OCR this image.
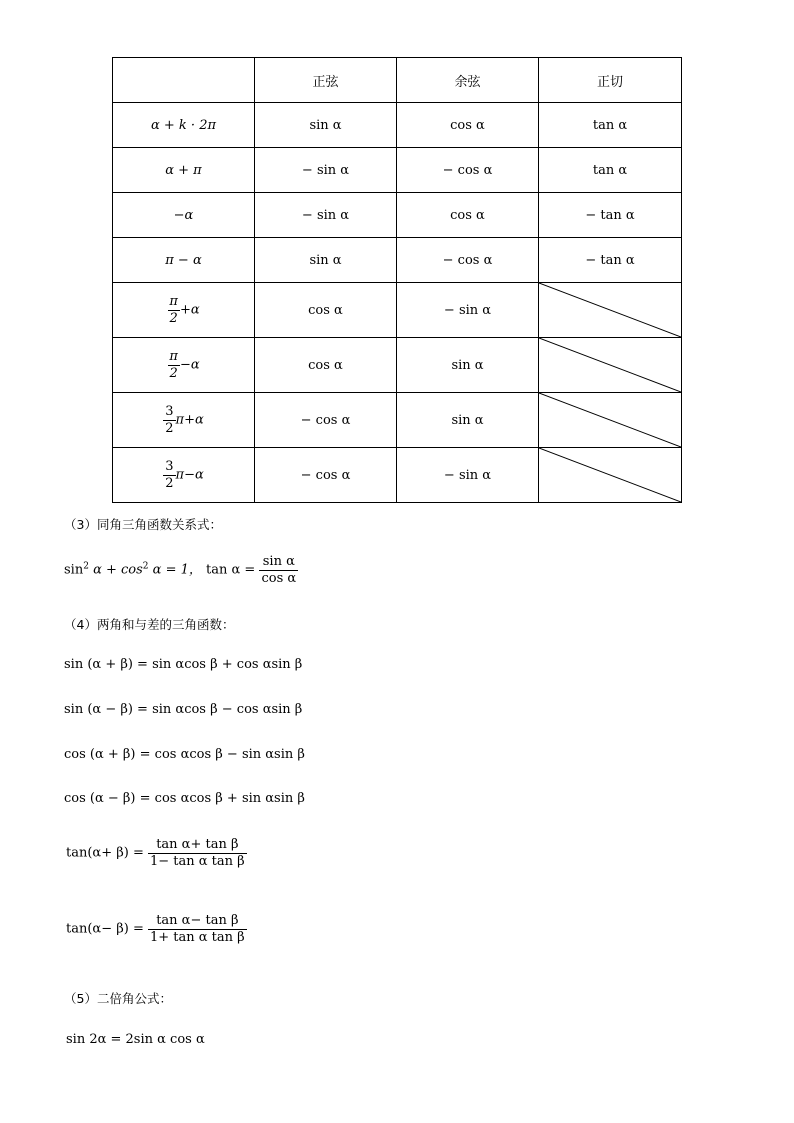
	正弦	余弦	正切
α + k · 2π	sin α	cos α	tan α
α + π	− sin α	− cos α	tan α
−α	− sin α	cos α	− tan α
π − α	sin α	− cos α	− tan α

$\frac{\pi}{2} +\alpha$	cos α	− sin α	

$\frac{\pi}{2} -\alpha$	cos α	sin α	

$\frac{3}{2} \pi+\alpha$	− cos α	sin α	

$\frac{3}{2} \pi-\alpha$	− cos α	− sin α	
（3）同角三角函数关系式：
$\sin^2 \alpha + \cos^2 \alpha = 1$， $\tan \alpha = \frac{\text{sin α}}{\text{cos α}}$
（4）两角和与差的三角函数：
sin (α + β) = sin αcos β + cos αsin β
sin (α − β) = sin αcos β − cos αsin β
cos (α + β) = cos αcos β − sin αsin β
cos (α − β) = cos αcos β + sin αsin β
$\tan(\alpha+ \beta) = \frac{\text{tan α+ tan β}}{\text{1− tan α tan β}}$
$\tan(\alpha- \beta) = \frac{\text{tan α− tan β}}{\text{1+ tan α tan β}}$
（5）二倍角公式：
sin 2α = 2sin α cos α
